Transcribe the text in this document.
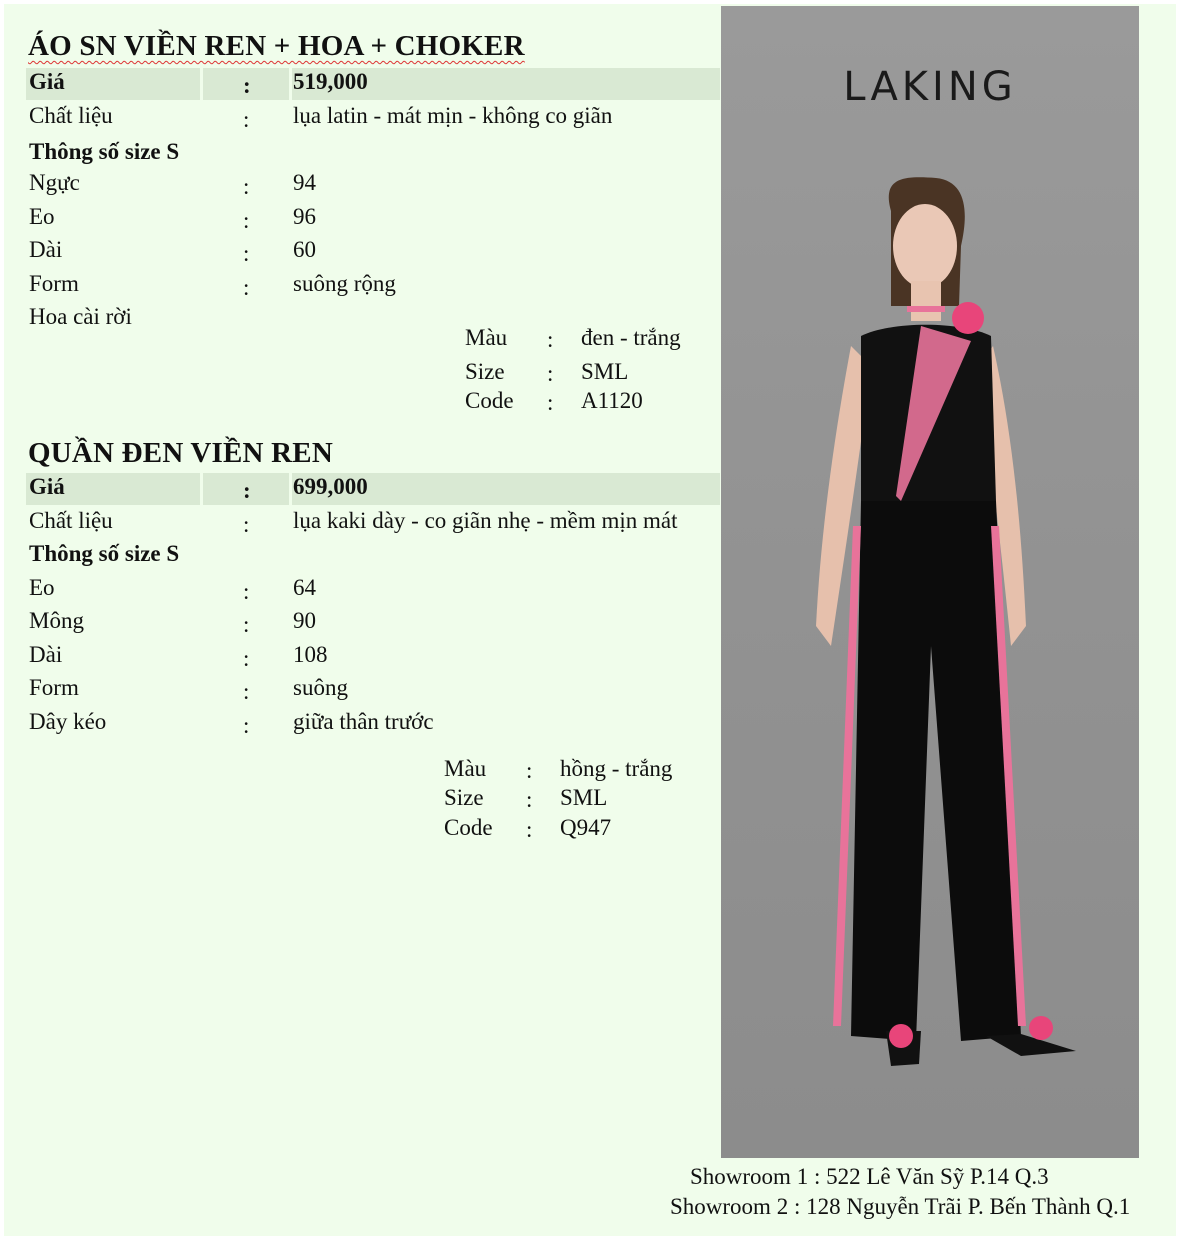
ÁO SN VIỀN REN + HOA + CHOKER
Giá	: 519,000
Chất liệu	: lụa latin - mát mịn - không co giãn
Thông số size S
Ngực	: 94
Eo	: 96
Dài	: 60
Form	: suông rộng
Hoa cài rời
Màu : đen - trắng
Size : SML
Code : A1120
QUẦN ĐEN VIỀN REN
Giá	: 699,000
Chất liệu	: lụa kaki dày - co giãn nhẹ - mềm mịn mát
Thông số size S
Eo	: 64
Mông	: 90
Dài	: 108
Form	: suông
Dây kéo	: giữa thân trước
Màu : hồng - trắng
Size : SML
Code : Q947
LAKING
Showroom 1 : 522 Lê Văn Sỹ P.14 Q.3
Showroom 2 : 128 Nguyễn Trãi P. Bến Thành Q.1
